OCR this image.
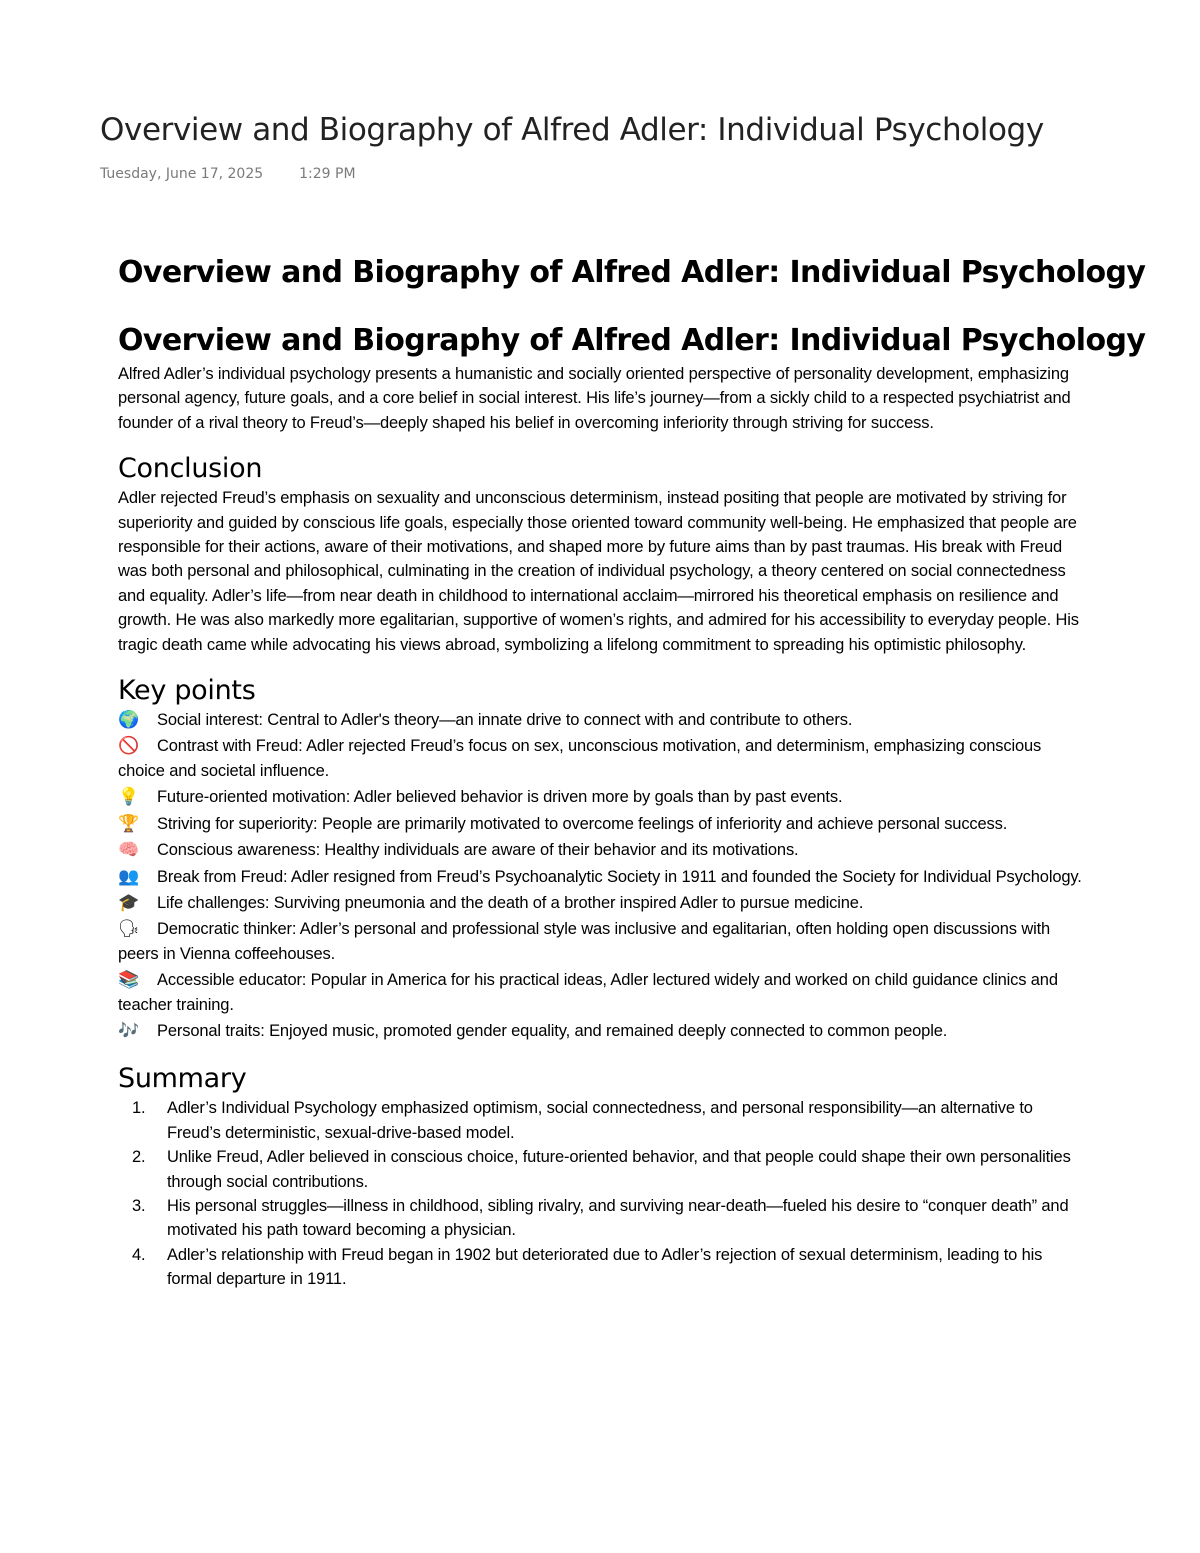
Overview and Biography of Alfred Adler: Individual Psychology
Tuesday, June 17, 2025	1:29 PM
Overview and Biography of Alfred Adler: Individual Psychology
Overview and Biography of Alfred Adler: Individual Psychology

Alfred Adler’s individual psychology presents a humanistic and socially oriented perspective of personality development, emphasizing personal agency, future goals, and a core belief in social interest. His life’s journey—from a sickly child to a respected psychiatrist and founder of a rival theory to Freud’s—deeply shaped his belief in overcoming inferiority through striving for success.

Conclusion

Adler rejected Freud’s emphasis on sexuality and unconscious determinism, instead positing that people are motivated by striving for superiority and guided by conscious life goals, especially those oriented toward community well-being. He emphasized that people are responsible for their actions, aware of their motivations, and shaped more by future aims than by past traumas. His break with Freud was both personal and philosophical, culminating in the creation of individual psychology, a theory centered on social connectedness and equality. Adler’s life—from near death in childhood to international acclaim—mirrored his theoretical emphasis on resilience and growth. He was also markedly more egalitarian, supportive of women’s rights, and admired for his accessibility to everyday people. His tragic death came while advocating his views abroad, symbolizing a lifelong commitment to spreading his optimistic philosophy.

Key points
🌍 Social interest: Central to Adler's theory—an innate drive to connect with and contribute to others.
🚫 Contrast with Freud: Adler rejected Freud’s focus on sex, unconscious motivation, and determinism, emphasizing conscious choice and societal influence.
💡 Future-oriented motivation: Adler believed behavior is driven more by goals than by past events.
🏆 Striving for superiority: People are primarily motivated to overcome feelings of inferiority and achieve personal success.
🧠 Conscious awareness: Healthy individuals are aware of their behavior and its motivations.
👥 Break from Freud: Adler resigned from Freud’s Psychoanalytic Society in 1911 and founded the Society for Individual Psychology.
🎓 Life challenges: Surviving pneumonia and the death of a brother inspired Adler to pursue medicine.
🗣 Democratic thinker: Adler’s personal and professional style was inclusive and egalitarian, often holding open discussions with peers in Vienna coffeehouses.
📚 Accessible educator: Popular in America for his practical ideas, Adler lectured widely and worked on child guidance clinics and teacher training.
🎶 Personal traits: Enjoyed music, promoted gender equality, and remained deeply connected to common people.
Summary
1. Adler’s Individual Psychology emphasized optimism, social connectedness, and personal responsibility—an alternative to Freud’s deterministic, sexual-drive-based model.
2. Unlike Freud, Adler believed in conscious choice, future-oriented behavior, and that people could shape their own personalities through social contributions.
3. His personal struggles—illness in childhood, sibling rivalry, and surviving near-death—fueled his desire to “conquer death” and motivated his path toward becoming a physician.
4. Adler’s relationship with Freud began in 1902 but deteriorated due to Adler’s rejection of sexual determinism, leading to his formal departure in 1911.
